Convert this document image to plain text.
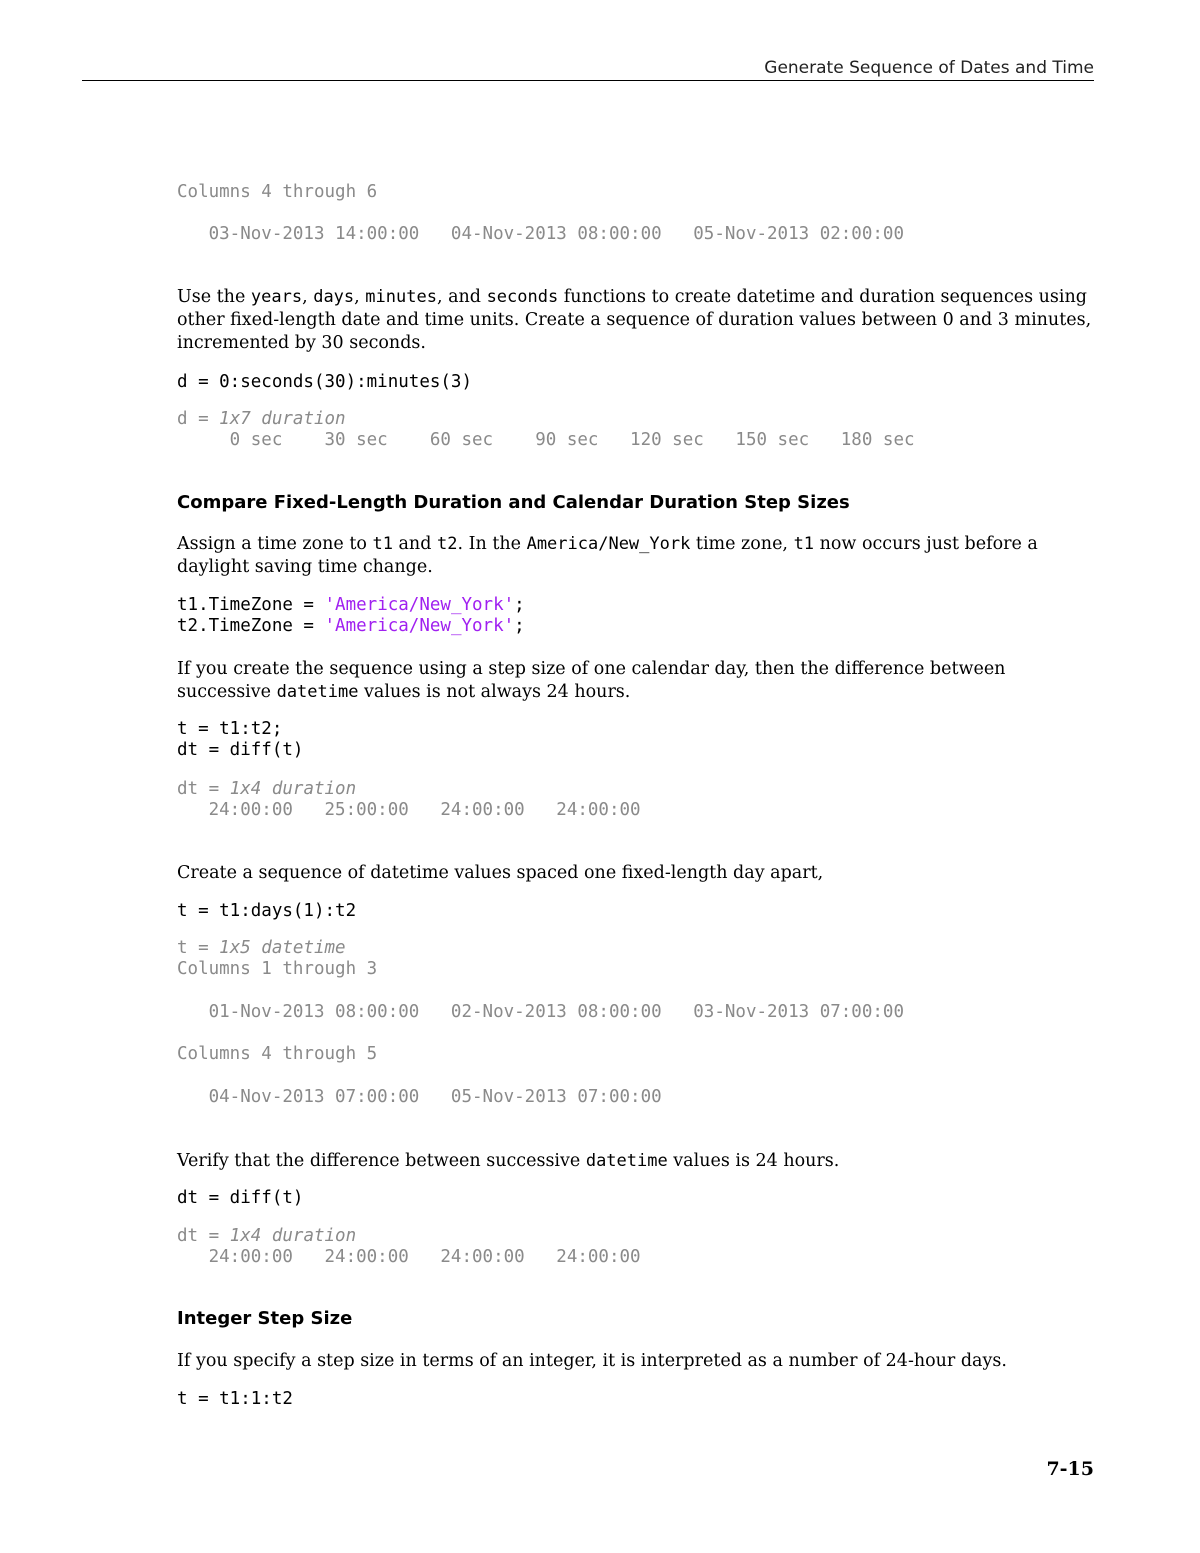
Generate Sequence of Dates and Time
Columns 4 through 6
03-Nov-2013 14:00:00   04-Nov-2013 08:00:00   05-Nov-2013 02:00:00

Use the years, days, minutes, and seconds functions to create datetime and duration sequences using other fixed-length date and time units. Create a sequence of duration values between 0 and 3 minutes, incremented by 30 seconds.

d = 0:seconds(30):minutes(3)
d = 1x7 duration
0 sec    30 sec    60 sec    90 sec   120 sec   150 sec   180 sec
Compare Fixed-Length Duration and Calendar Duration Step Sizes

Assign a time zone to t1 and t2. In the America/New_York time zone, t1 now occurs just before a daylight saving time change.

t1.TimeZone = 'America/New_York';
t2.TimeZone = 'America/New_York';

If you create the sequence using a step size of one calendar day, then the difference between successive datetime values is not always 24 hours.

t = t1:t2;
dt = diff(t)
dt = 1x4 duration
24:00:00   25:00:00   24:00:00   24:00:00

Create a sequence of datetime values spaced one fixed-length day apart,

t = t1:days(1):t2
t = 1x5 datetime
Columns 1 through 3
01-Nov-2013 08:00:00   02-Nov-2013 08:00:00   03-Nov-2013 07:00:00
Columns 4 through 5
04-Nov-2013 07:00:00   05-Nov-2013 07:00:00

Verify that the difference between successive datetime values is 24 hours.

dt = diff(t)
dt = 1x4 duration
24:00:00   24:00:00   24:00:00   24:00:00
Integer Step Size

If you specify a step size in terms of an integer, it is interpreted as a number of 24-hour days.

t = t1:1:t2
7-15
